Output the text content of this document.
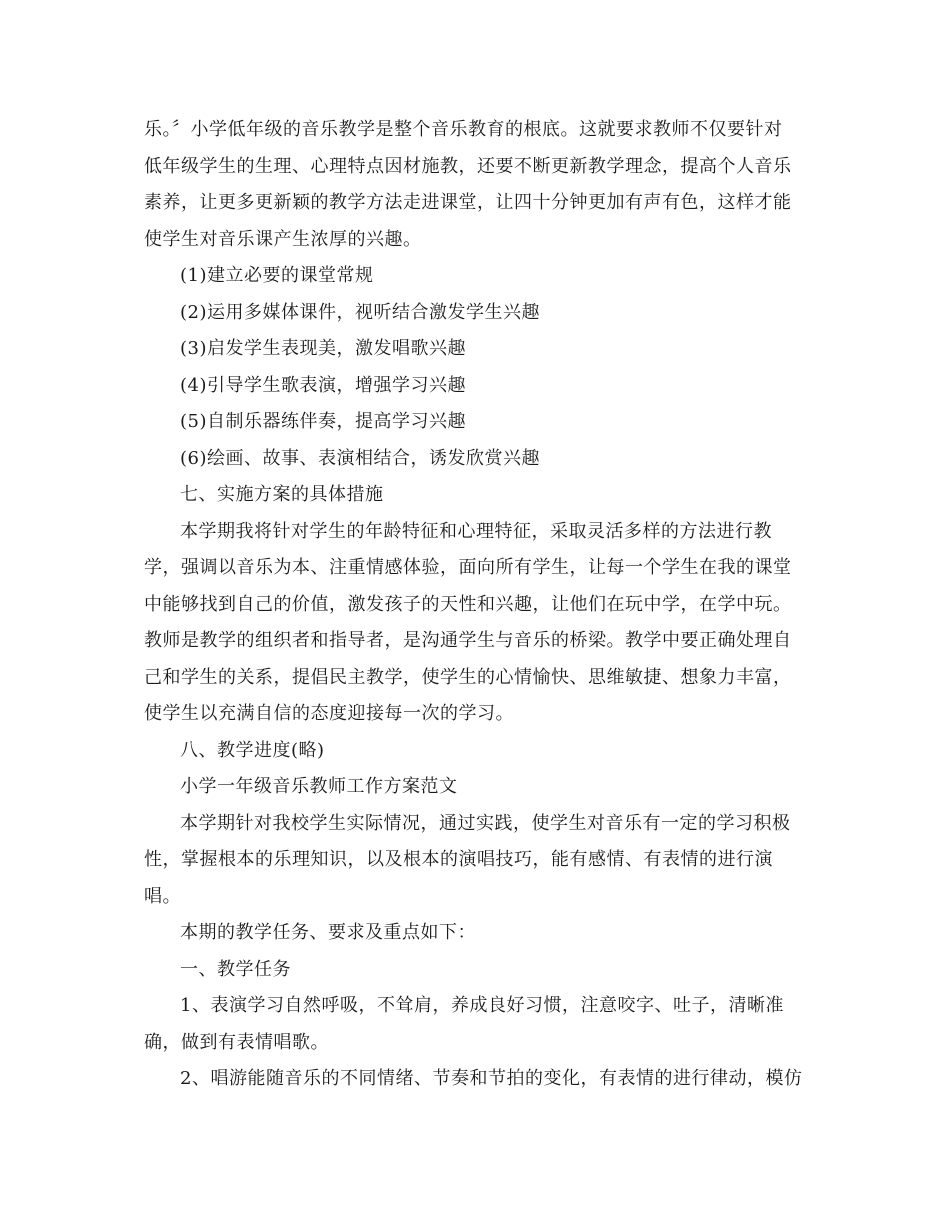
乐。〞小学低年级的音乐教学是整个音乐教育的根底。这就要求教师不仅要针对
低年级学生的生理、心理特点因材施教，还要不断更新教学理念，提高个人音乐
素养，让更多更新颖的教学方法走进课堂，让四十分钟更加有声有色，这样才能
使学生对音乐课产生浓厚的兴趣。
(1)建立必要的课堂常规
(2)运用多媒体课件，视听结合激发学生兴趣
(3)启发学生表现美，激发唱歌兴趣
(4)引导学生歌表演，增强学习兴趣
(5)自制乐器练伴奏，提高学习兴趣
(6)绘画、故事、表演相结合，诱发欣赏兴趣
七、实施方案的具体措施
本学期我将针对学生的年龄特征和心理特征，采取灵活多样的方法进行教
学，强调以音乐为本、注重情感体验，面向所有学生，让每一个学生在我的课堂
中能够找到自己的价值，激发孩子的天性和兴趣，让他们在玩中学，在学中玩。
教师是教学的组织者和指导者，是沟通学生与音乐的桥梁。教学中要正确处理自
己和学生的关系，提倡民主教学，使学生的心情愉快、思维敏捷、想象力丰富，
使学生以充满自信的态度迎接每一次的学习。
八、教学进度(略)
小学一年级音乐教师工作方案范文
本学期针对我校学生实际情况，通过实践，使学生对音乐有一定的学习积极
性，掌握根本的乐理知识，以及根本的演唱技巧，能有感情、有表情的进行演
唱。
本期的教学任务、要求及重点如下：
一、教学任务
1、表演学习自然呼吸，不耸肩，养成良好习惯，注意咬字、吐子，清晰准
确，做到有表情唱歌。
2、唱游能随音乐的不同情绪、节奏和节拍的变化，有表情的进行律动，模仿
